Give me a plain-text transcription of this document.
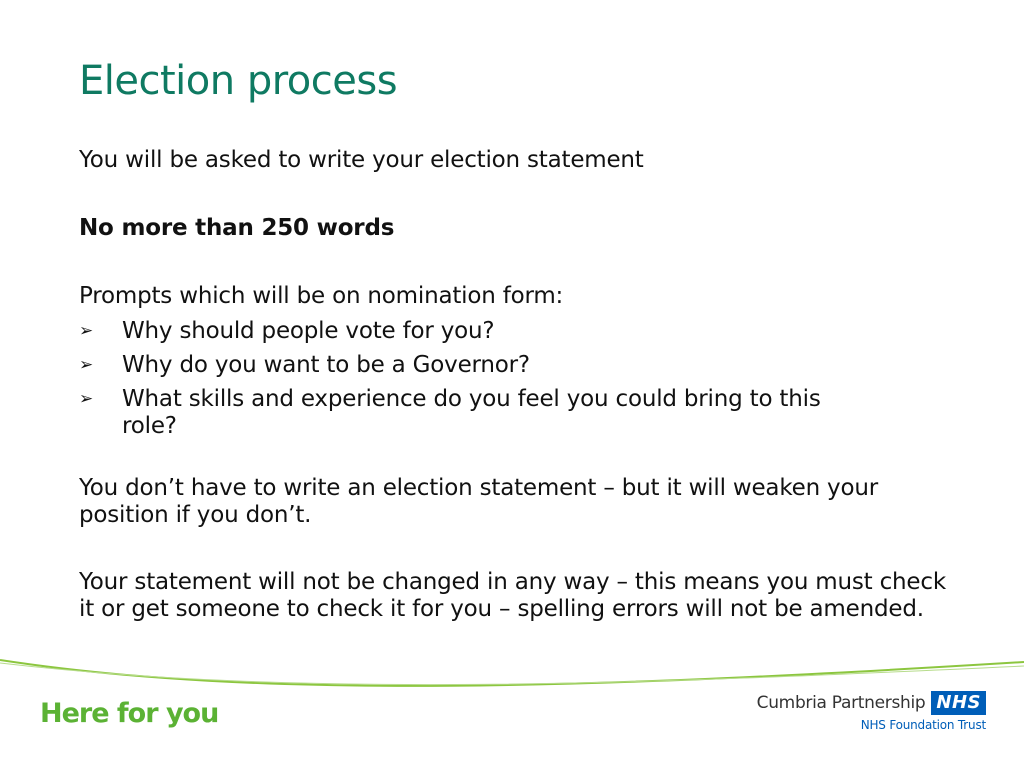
Election process

You will be asked to write your election statement

No more than 250 words

Prompts which will be on nomination form:

➢	Why should people vote for you?
➢	Why do you want to be a Governor?
➢	What skills and experience do you feel you could bring to this role?

You don’t have to write an election statement – but it will weaken your position if you don’t.

Your statement will not be changed in any way – this means you must check it or get someone to check it for you – spelling errors will not be amended.

Here for you	Cumbria Partnership NHS
NHS Foundation Trust
